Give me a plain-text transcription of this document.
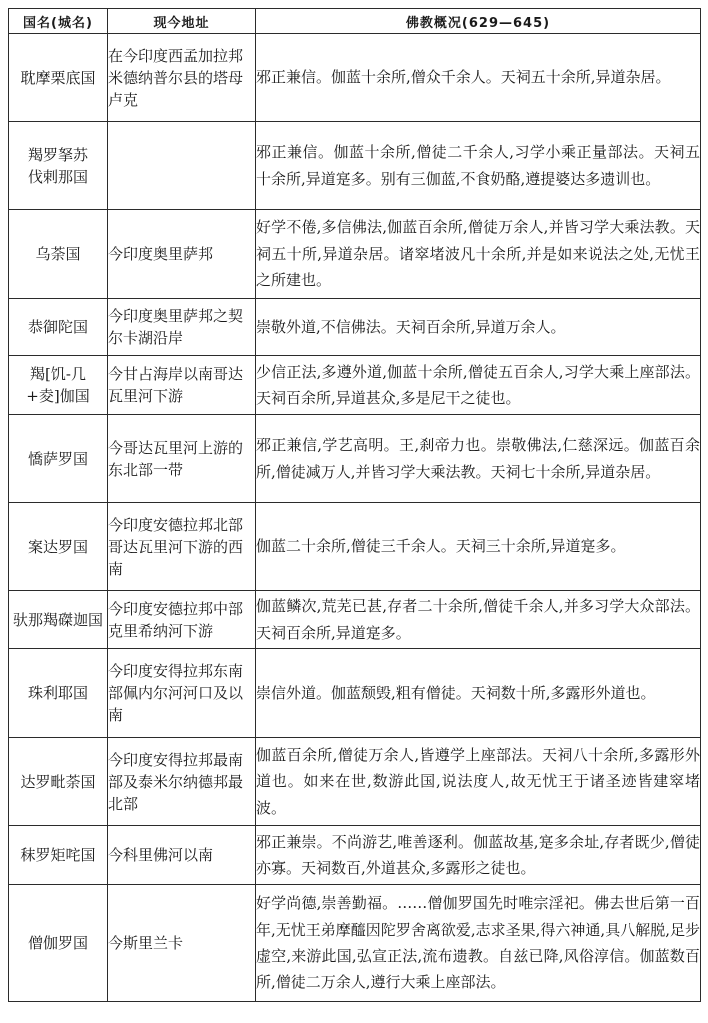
国名(城名)	现今地址	佛教概况(629—645)
耽摩栗底国	在今印度西孟加拉邦米德纳普尔县的塔母卢克	邪正兼信。伽蓝十余所,僧众千余人。天祠五十余所,异道杂居。
羯罗拏苏伐剌那国		邪正兼信。伽蓝十余所,僧徒二千余人,习学小乘正量部法。天祠五十余所,异道寔多。别有三伽蓝,不食奶酪,遵提婆达多遗训也。
乌荼国	今印度奥里萨邦	好学不倦,多信佛法,伽蓝百余所,僧徒万余人,并皆习学大乘法教。天祠五十所,异道杂居。诸窣堵波凡十余所,并是如来说法之处,无忧王之所建也。
恭御陀国	今印度奥里萨邦之契尔卡湖沿岸	崇敬外道,不信佛法。天祠百余所,异道万余人。
羯[饥-几+夌]伽国	今甘占海岸以南哥达瓦里河下游	少信正法,多遵外道,伽蓝十余所,僧徒五百余人,习学大乘上座部法。天祠百余所,异道甚众,多是尼干之徒也。
憍萨罗国	今哥达瓦里河上游的东北部一带	邪正兼信,学艺高明。王,刹帝力也。崇敬佛法,仁慈深远。伽蓝百余所,僧徒减万人,并皆习学大乘法教。天祠七十余所,异道杂居。
案达罗国	今印度安德拉邦北部哥达瓦里河下游的西南	伽蓝二十余所,僧徒三千余人。天祠三十余所,异道寔多。
驮那羯磔迦国	今印度安德拉邦中部克里希纳河下游	伽蓝鳞次,荒芜已甚,存者二十余所,僧徒千余人,并多习学大众部法。天祠百余所,异道寔多。
珠利耶国	今印度安得拉邦东南部佩内尔河河口及以南	崇信外道。伽蓝颓毁,粗有僧徒。天祠数十所,多露形外道也。
达罗毗荼国	今印度安得拉邦最南部及泰米尔纳德邦最北部	伽蓝百余所,僧徒万余人,皆遵学上座部法。天祠八十余所,多露形外道也。如来在世,数游此国,说法度人,故无忧王于诸圣迹皆建窣堵波。
秣罗矩咤国	今科里佛河以南	邪正兼崇。不尚游艺,唯善逐利。伽蓝故基,寔多余址,存者既少,僧徒亦寡。天祠数百,外道甚众,多露形之徒也。
僧伽罗国	今斯里兰卡	好学尚德,崇善勤福。……僧伽罗国先时唯宗淫祀。佛去世后第一百年,无忧王弟摩醯因陀罗舍离欲爱,志求圣果,得六神通,具八解脱,足步虚空,来游此国,弘宣正法,流布遗教。自兹已降,风俗淳信。伽蓝数百所,僧徒二万余人,遵行大乘上座部法。
